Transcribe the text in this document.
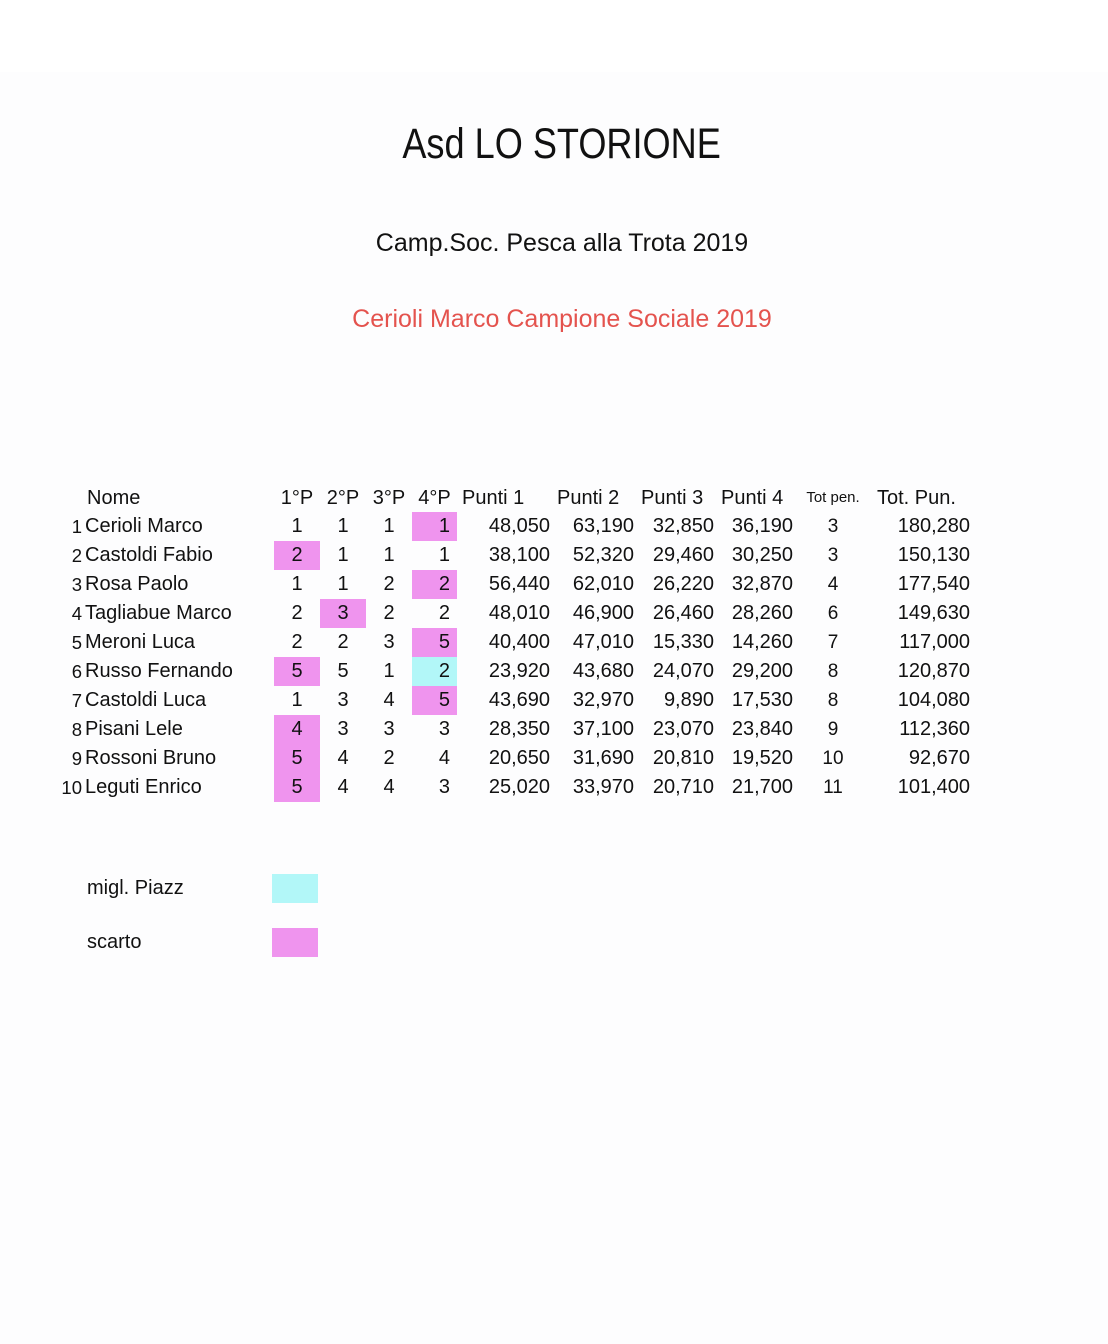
Asd LO STORIONE
Camp.Soc. Pesca alla Trota 2019
Cerioli Marco Campione Sociale 2019
Nome	1°P 2°P 3°P 4°P Punti 1	Punti 2	Punti 3 Punti 4	Tot pen. Tot. Pun.
1 Cerioli Marco	1	1	1	1	48,050	63,190 32,850 36,190	3	180,280
2 Castoldi Fabio	2	1	1	1	38,100	52,320 29,460 30,250	3	150,130
3 Rosa Paolo	1	1	2	2	56,440	62,010 26,220 32,870	4	177,540
4 Tagliabue Marco	2	3	2	2	48,010	46,900 26,460 28,260	6	149,630
5 Meroni Luca	2	2	3	5	40,400	47,010 15,330 14,260	7	117,000
6 Russo Fernando	5	5	1	2	23,920	43,680 24,070 29,200	8	120,870
7 Castoldi Luca	1	3	4	5	43,690	32,970	9,890 17,530	8	104,080
8 Pisani Lele	4	3	3	3	28,350	37,100 23,070 23,840	9	112,360
9 Rossoni Bruno	5	4	2	4	20,650	31,690 20,810 19,520	10	92,670
10 Leguti Enrico	5	4	4	3	25,020	33,970 20,710 21,700	11	101,400
migl. Piazz
scarto
